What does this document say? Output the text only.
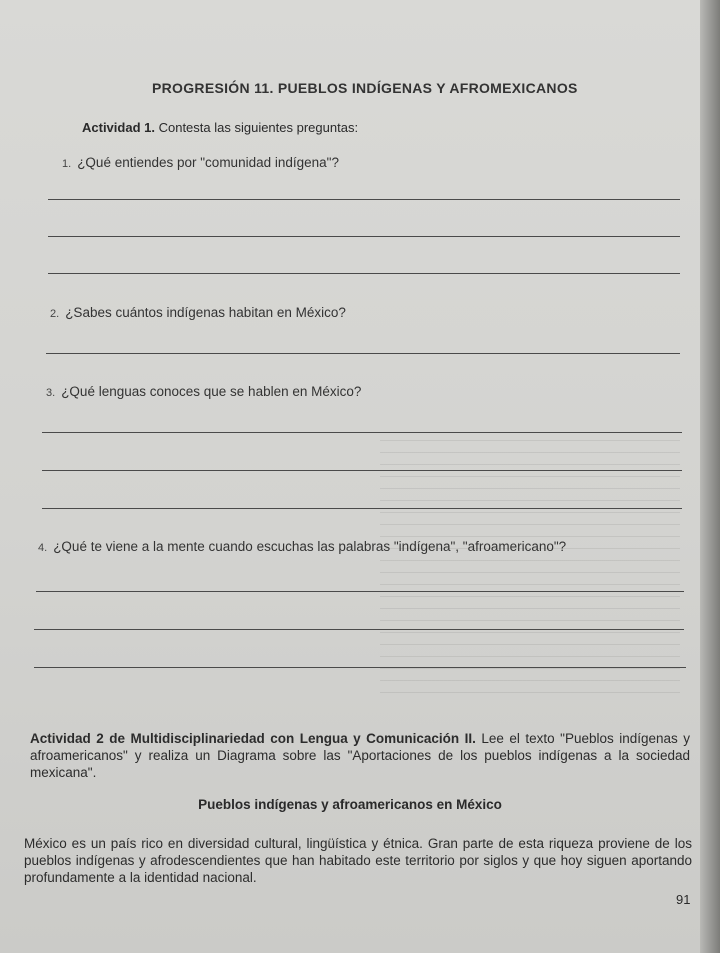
PROGRESIÓN 11. PUEBLOS INDÍGENAS Y AFROMEXICANOS
Actividad 1. Contesta las siguientes preguntas:
1. ¿Qué entiendes por "comunidad indígena"?
2. ¿Sabes cuántos indígenas habitan en México?
3. ¿Qué lenguas conoces que se hablen en México?
4. ¿Qué te viene a la mente cuando escuchas las palabras "indígena", "afroamericano"?
Actividad 2 de Multidisciplinariedad con Lengua y Comunicación II. Lee el texto "Pueblos indígenas y afroamericanos" y realiza un Diagrama sobre las "Aportaciones de los pueblos indígenas a la sociedad mexicana".
Pueblos indígenas y afroamericanos en México
México es un país rico en diversidad cultural, lingüística y étnica. Gran parte de esta riqueza proviene de los pueblos indígenas y afrodescendientes que han habitado este territorio por siglos y que hoy siguen aportando profundamente a la identidad nacional.
91
